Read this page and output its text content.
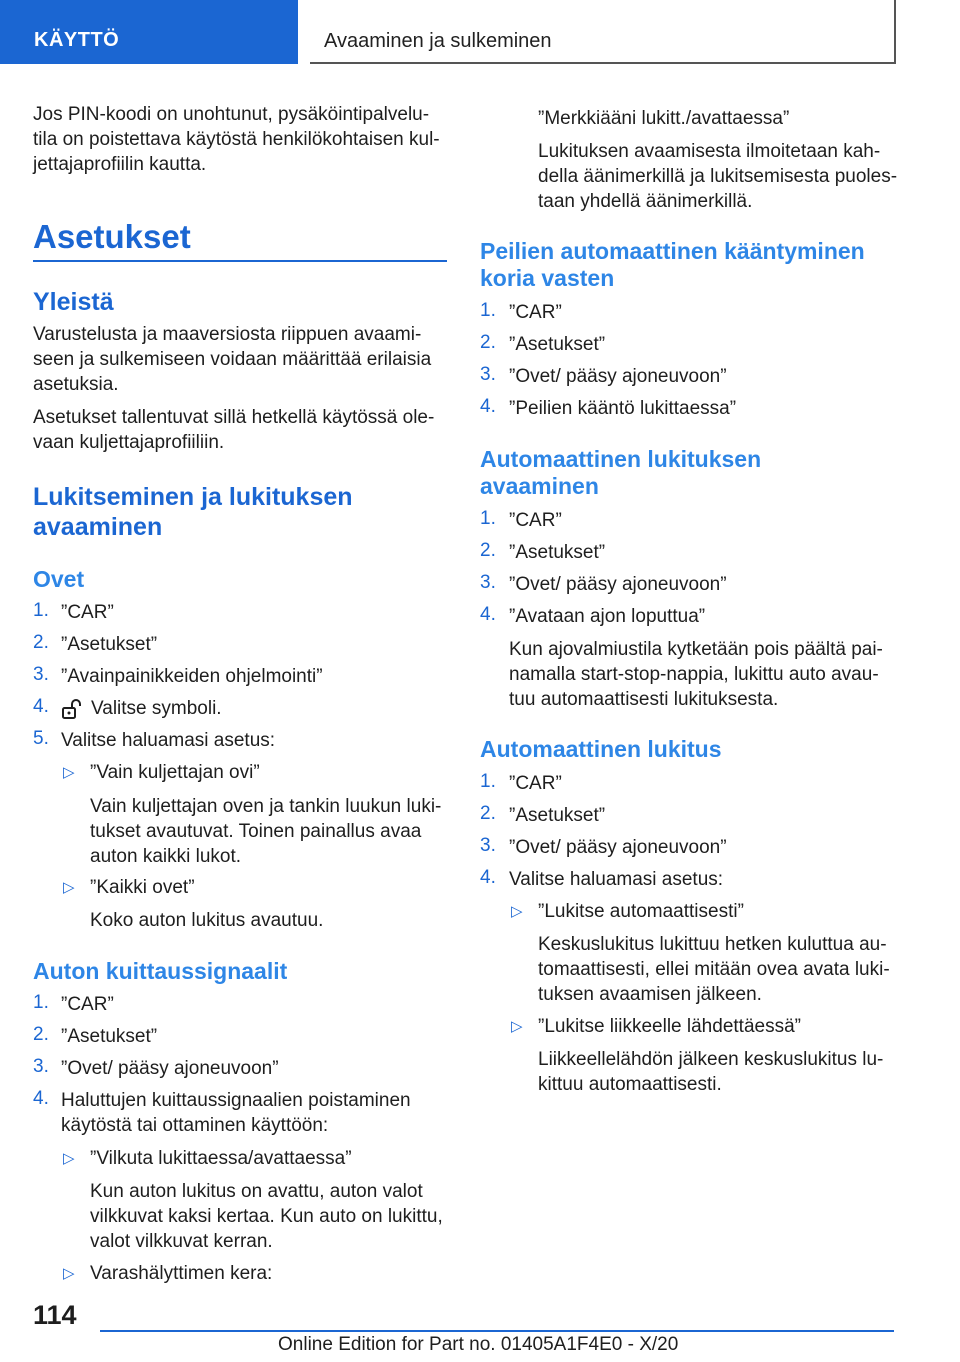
KÄYTTÖ	Avaaminen ja sulkeminen

Jos PIN-koodi on unohtunut, pysäköintipalvelu-

tila on poistettava käytöstä henkilökohtaisen kul-

jettajaprofiilin kautta.

Asetukset
Yleistä

Varustelusta ja maaversiosta riippuen avaami-

seen ja sulkemiseen voidaan määrittää erilaisia

asetuksia.

Asetukset tallentuvat sillä hetkellä käytössä ole-

vaan kuljettajaprofiiliin.

Lukitseminen ja lukituksen
avaaminen
Ovet
1. ”CAR”

2. ”Asetukset”

3. ”Avainpainikkeiden ohjelmointi”

4. Valitse symboli.

5. Valitse haluamasi asetus:

▷ ”Vain kuljettajan ovi”

Vain kuljettajan oven ja tankin luukun luki-

tukset avautuvat. Toinen painallus avaa

auton kaikki lukot.

▷ ”Kaikki ovet”

Koko auton lukitus avautuu.

Auton kuittaussignaalit
1. ”CAR”

2. ”Asetukset”

3. ”Ovet/ pääsy ajoneuvoon”

4. Haluttujen kuittaussignaalien poistaminen

käytöstä tai ottaminen käyttöön:

▷ ”Vilkuta lukittaessa/avattaessa”

Kun auton lukitus on avattu, auton valot

vilkkuvat kaksi kertaa. Kun auto on lukittu,

valot vilkkuvat kerran.

▷ Varashälyttimen kera:

”Merkkiääni lukitt./avattaessa”

Lukituksen avaamisesta ilmoitetaan kah-

della äänimerkillä ja lukitsemisesta puoles-

taan yhdellä äänimerkillä.

Peilien automaattinen kääntyminen
koria vasten
1. ”CAR”

2. ”Asetukset”

3. ”Ovet/ pääsy ajoneuvoon”

4. ”Peilien kääntö lukittaessa”

Automaattinen lukituksen
avaaminen
1. ”CAR”

2. ”Asetukset”

3. ”Ovet/ pääsy ajoneuvoon”

4. ”Avataan ajon loputtua”

Kun ajovalmiustila kytketään pois päältä pai-

namalla start-stop-nappia, lukittu auto avau-

tuu automaattisesti lukituksesta.

Automaattinen lukitus
1. ”CAR”

2. ”Asetukset”

3. ”Ovet/ pääsy ajoneuvoon”

4. Valitse haluamasi asetus:

▷ ”Lukitse automaattisesti”

Keskuslukitus lukittuu hetken kuluttua au-

tomaattisesti, ellei mitään ovea avata luki-

tuksen avaamisen jälkeen.

▷ ”Lukitse liikkeelle lähdettäessä”

Liikkeellelähdön jälkeen keskuslukitus lu-

kittuu automaattisesti.

114
Online Edition for Part no. 01405A1F4E0 - X/20
